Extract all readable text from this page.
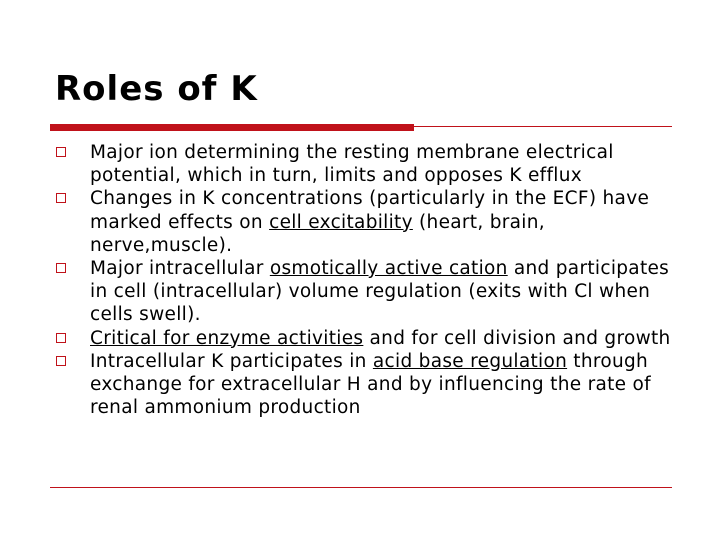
Roles of K
Major ion determining the resting membrane electrical potential, which in turn, limits and opposes K efflux
Changes in K concentrations (particularly in the ECF) have marked effects on cell excitability (heart, brain, nerve,muscle).
Major intracellular osmotically active cation and participates in cell (intracellular) volume regulation (exits with Cl when cells swell).
Critical for enzyme activities and for cell division and growth
Intracellular K participates in acid base regulation through exchange for extracellular H and by influencing the rate of renal ammonium production
